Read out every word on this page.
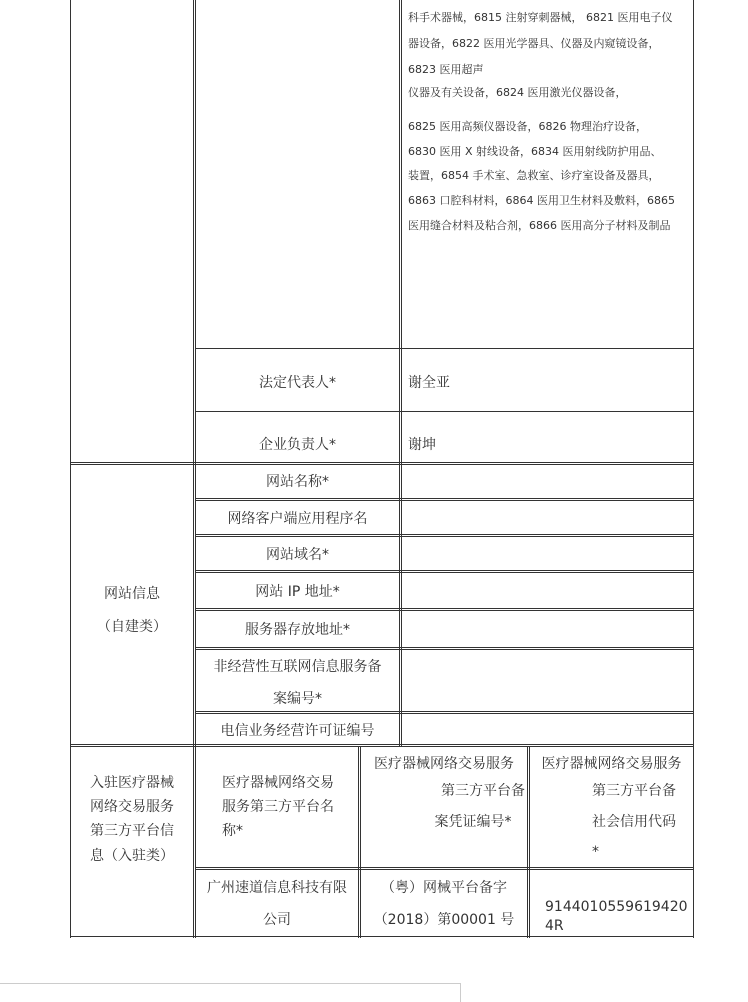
科手术器械，6815 注射穿刺器械， 6821 医用电子仪
器设备，6822 医用光学器具、仪器及内窥镜设备，
6823 医用超声
仪器及有关设备，6824 医用激光仪器设备，
6825 医用高频仪器设备，6826 物理治疗设备，
6830 医用 X 射线设备，6834 医用射线防护用品、
装置，6854 手术室、急救室、诊疗室设备及器具，
6863 口腔科材料，6864 医用卫生材料及敷料，6865
医用缝合材料及粘合剂，6866 医用高分子材料及制品
法定代表人*	谢全亚
企业负责人*	谢坤
网站信息
（自建类）
网站名称*
网络客户端应用程序名
网站域名*
网站 IP 地址*
服务器存放地址*
非经营性互联网信息服务备
案编号*
电信业务经营许可证编号
入驻医疗器械
网络交易服务
第三方平台信
息（入驻类）
医疗器械网络交易
服务第三方平台名
称*
医疗器械网络交易服务
第三方平台备
案凭证编号*
医疗器械网络交易服务
第三方平台备
社会信用代码
*
广州速道信息科技有限
公司
（粤）网械平台备字
（2018）第00001 号
9144010559619420
4R
